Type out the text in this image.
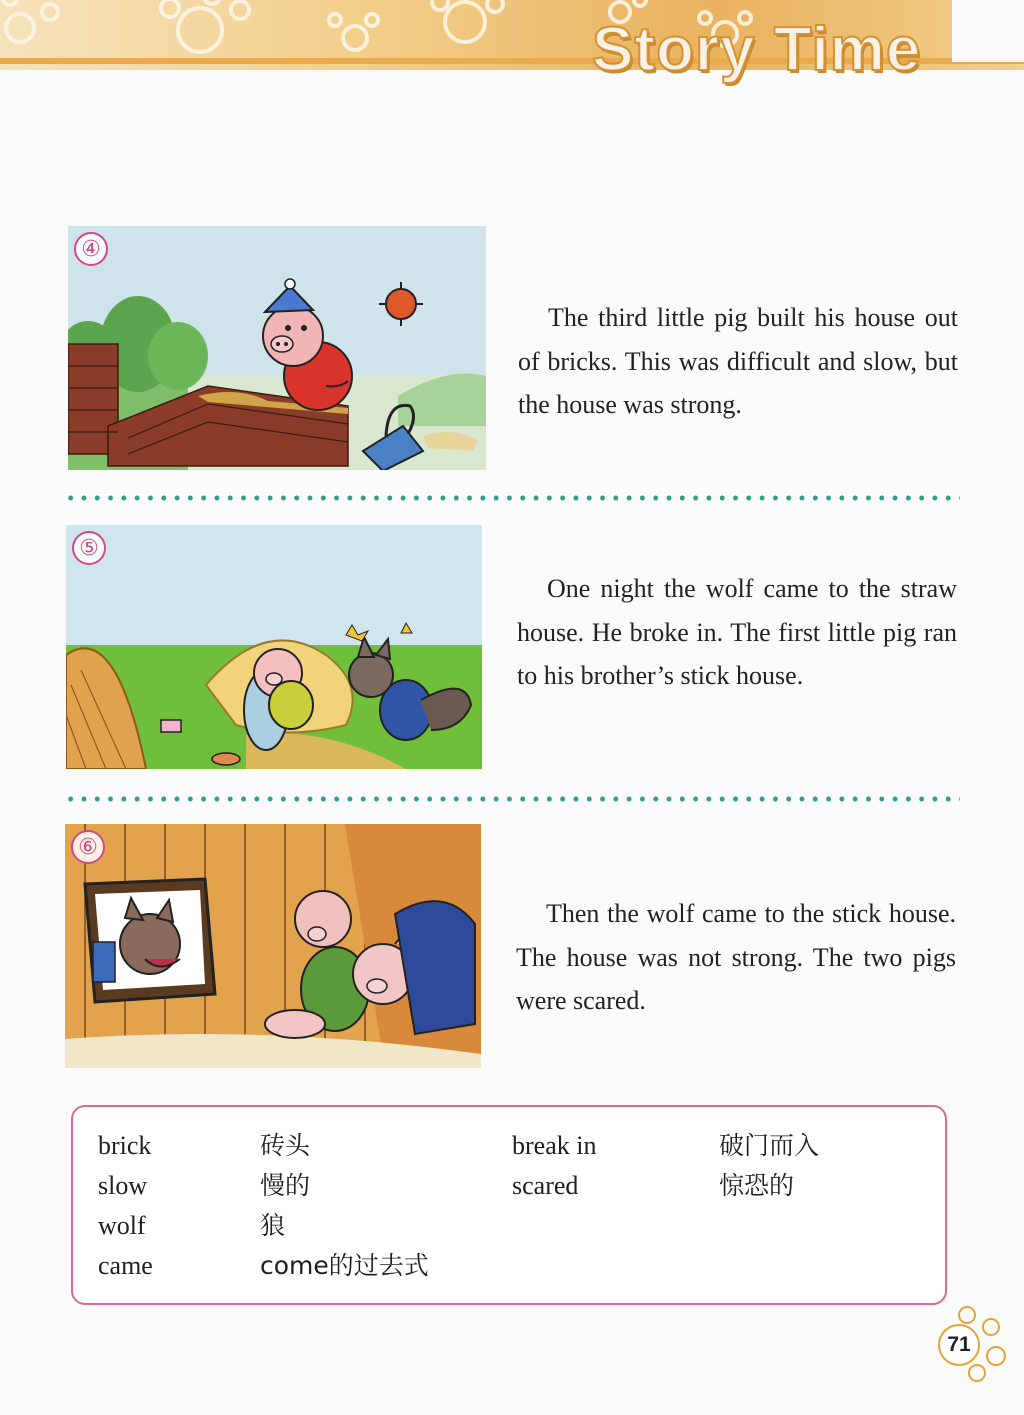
Story Time
④
The third little pig built his house out of bricks. This was difficult and slow, but the house was strong.
⑤
One night the wolf came to the straw house. He broke in. The first little pig ran to his brother’s stick house.
⑥
Then the wolf came to the stick house. The house was not strong. The two pigs were scared.
brick	砖头
slow	慢的
wolf	狼
came	come的过去式
break in	破门而入
scared	惊恐的
71
